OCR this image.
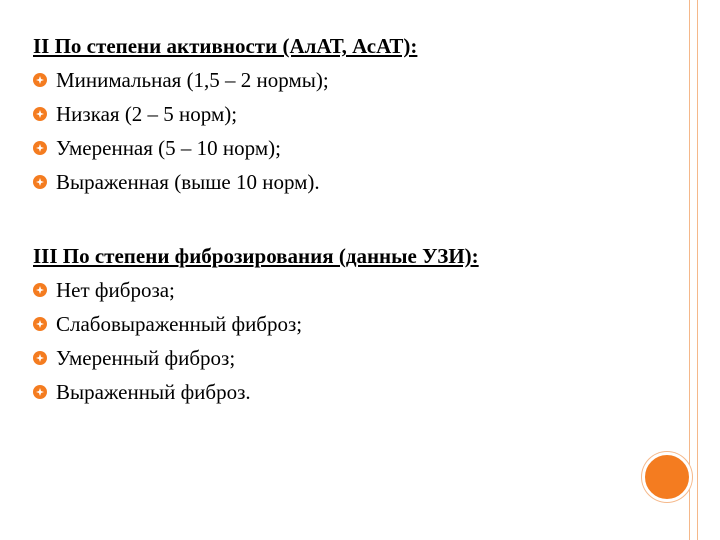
II По степени активности (АлАТ, АсАТ):
Минимальная (1,5 – 2 нормы);
Низкая (2 – 5 норм);
Умеренная (5 – 10 норм);
Выраженная (выше 10 норм).
III По степени фиброзирования (данные УЗИ):
Нет фиброза;
Слабовыраженный фиброз;
Умеренный фиброз;
Выраженный фиброз.
